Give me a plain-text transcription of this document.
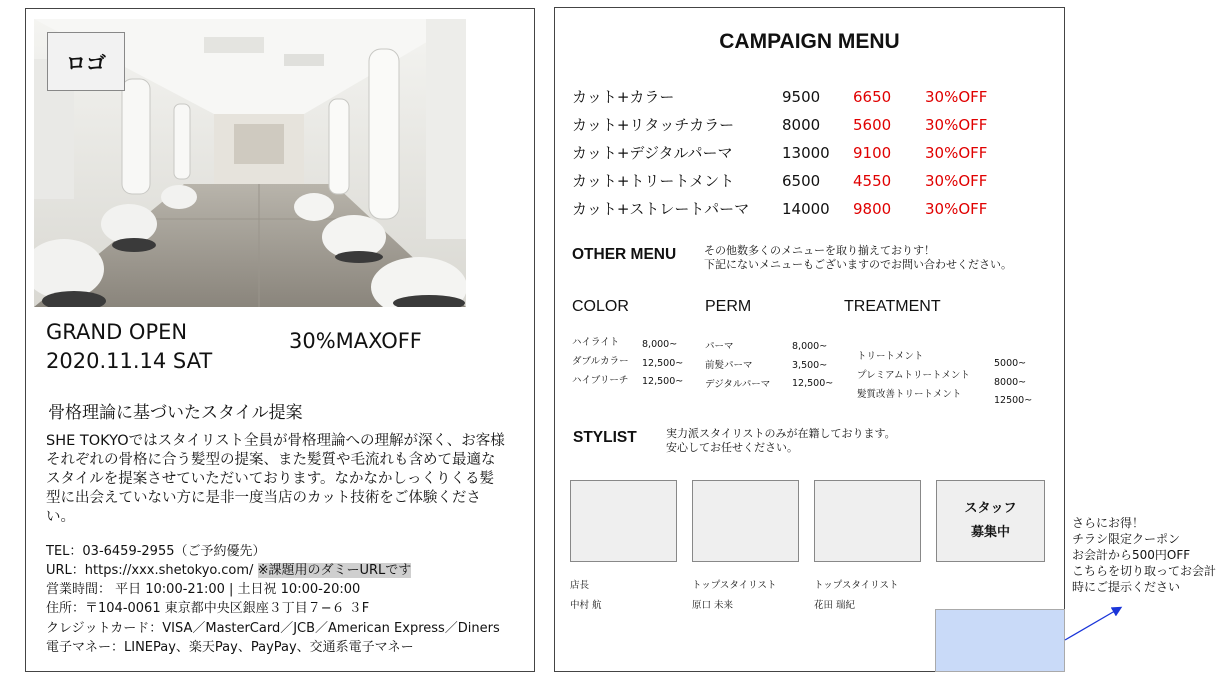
ロゴ
GRAND OPEN
2020.11.14 SAT
30%MAXOFF
骨格理論に基づいたスタイル提案
SHE TOKYOではスタイリスト全員が骨格理論への理解が深く、お客様それぞれの骨格に合う髪型の提案、また髪質や毛流れも含めて最適なスタイルを提案させていただいております。なかなかしっくりくる髪型に出会えていない方に是非一度当店のカット技術をご体験ください。
TEL：03-6459-2955（ご予約優先）
URL：https://xxx.shetokyo.com/ ※課題用のダミーURLです
営業時間： 平日 10:00-21:00 | 土日祝 10:00-20:00
住所：〒104-0061 東京都中央区銀座３丁目７−６ ３F
クレジットカード：VISA／MasterCard／JCB／American Express／Diners
電子マネー：LINEPay、楽天Pay、PayPay、交通系電子マネー
CAMPAIGN MENU
カット+カラー	9500 6650 30%OFF
カット+リタッチカラー	8000 5600 30%OFF
カット+デジタルパーマ	13000 9100 30%OFF
カット+トリートメント	6500 4550 30%OFF
カット+ストレートパーマ 14000 9800 30%OFF
OTHER MENU	その他数多くのメニューを取り揃えておりす！
下記にないメニューもございますのでお問い合わせください。
COLOR	PERM	TREATMENT
ハイライト 8,000~
ダブルカラー 12,500~
ハイブリーチ 12,500~
パーマ	8,000~
前髪パーマ	3,500~
デジタルパーマ 12,500~
トリートメント
5000~
プレミアムトリートメント
8000~
髪質改善トリートメント
12500~
STYLIST	実力派スタイリストのみが在籍しております。
安心してお任せください。
スタッフ
募集中
店長
中村 航
トップスタイリスト
原口 未来
トップスタイリスト
花田 瑞紀
さらにお得！
チラシ限定クーポン
お会計から500円OFF
こちらを切り取ってお会計時にご提示ください
